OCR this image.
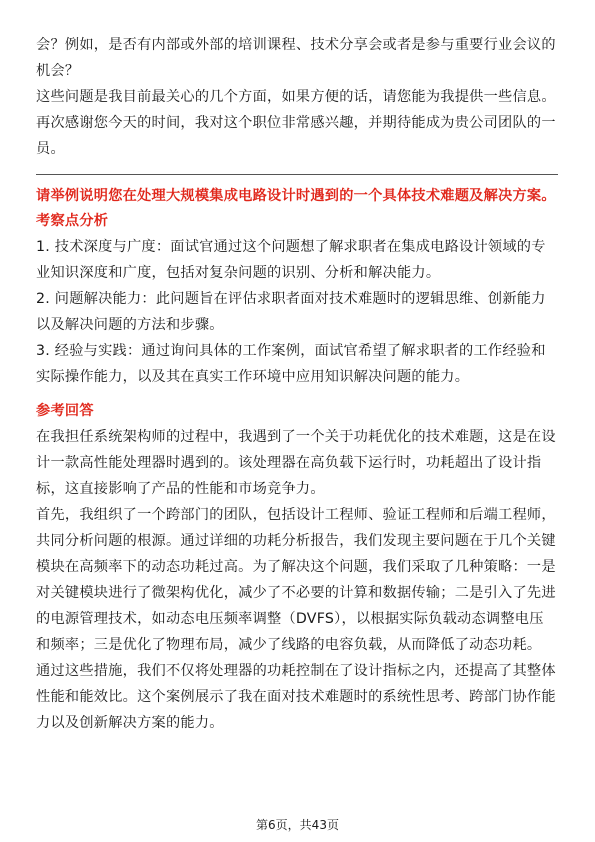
会？例如，是否有内部或外部的培训课程、技术分享会或者是参与重要行业会议的机会？

这些问题是我目前最关心的几个方面，如果方便的话，请您能为我提供一些信息。

再次感谢您今天的时间，我对这个职位非常感兴趣，并期待能成为贵公司团队的一员。

请举例说明您在处理大规模集成电路设计时遇到的一个具体技术难题及解决方案。

考察点分析

1. 技术深度与广度：面试官通过这个问题想了解求职者在集成电路设计领域的专业知识深度和广度，包括对复杂问题的识别、分析和解决能力。

2. 问题解决能力：此问题旨在评估求职者面对技术难题时的逻辑思维、创新能力以及解决问题的方法和步骤。

3. 经验与实践：通过询问具体的工作案例，面试官希望了解求职者的工作经验和实际操作能力，以及其在真实工作环境中应用知识解决问题的能力。

参考回答

在我担任系统架构师的过程中，我遇到了一个关于功耗优化的技术难题，这是在设计一款高性能处理器时遇到的。该处理器在高负载下运行时，功耗超出了设计指标，这直接影响了产品的性能和市场竞争力。

首先，我组织了一个跨部门的团队，包括设计工程师、验证工程师和后端工程师，共同分析问题的根源。通过详细的功耗分析报告，我们发现主要问题在于几个关键模块在高频率下的动态功耗过高。为了解决这个问题，我们采取了几种策略：一是对关键模块进行了微架构优化，减少了不必要的计算和数据传输；二是引入了先进的电源管理技术，如动态电压频率调整（DVFS），以根据实际负载动态调整电压和频率；三是优化了物理布局，减少了线路的电容负载，从而降低了动态功耗。

通过这些措施，我们不仅将处理器的功耗控制在了设计指标之内，还提高了其整体性能和能效比。这个案例展示了我在面对技术难题时的系统性思考、跨部门协作能力以及创新解决方案的能力。

第6页，共43页
